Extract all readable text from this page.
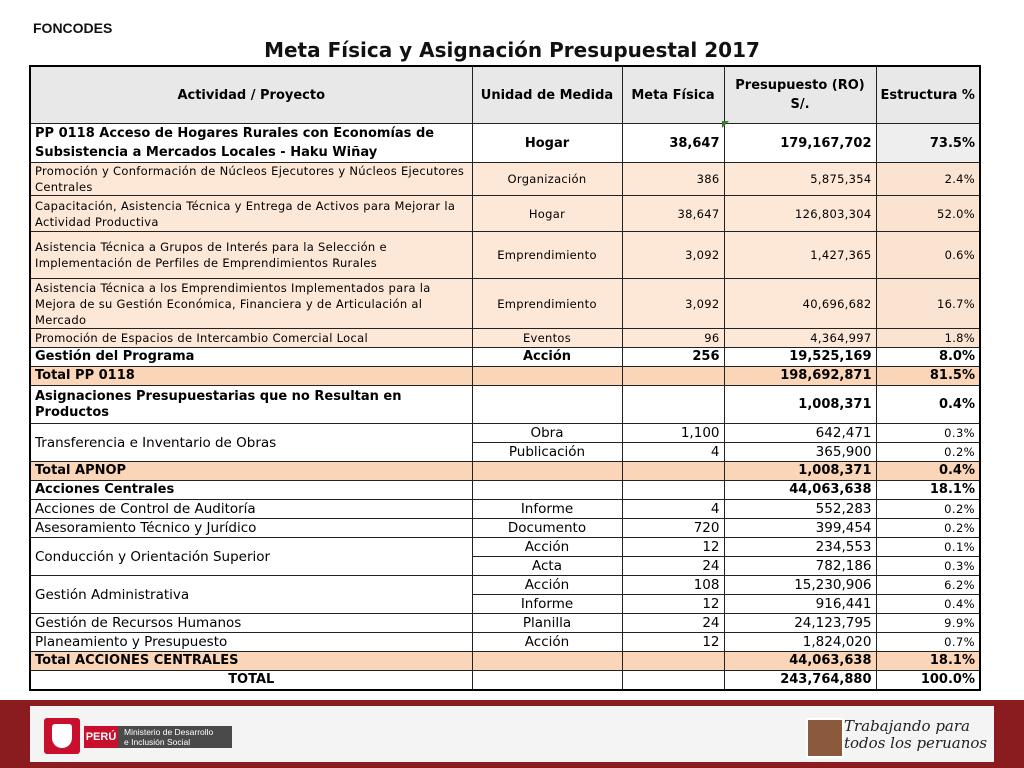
FONCODES
Meta Física y Asignación Presupuestal 2017
Actividad / Proyecto	Unidad de Medida	Meta Física	Presupuesto (RO) S/.	Estructura %
PP 0118 Acceso de Hogares Rurales con Economías de Subsistencia a Mercados Locales - Haku Wiñay	Hogar	38,647	179,167,702	73.5%
Promoción y Conformación de Núcleos Ejecutores y Núcleos Ejecutores Centrales	Organización	386	5,875,354	2.4%
Capacitación, Asistencia Técnica y Entrega de Activos para Mejorar la Actividad Productiva	Hogar	38,647	126,803,304	52.0%
Asistencia Técnica a Grupos de Interés para la Selección e Implementación de Perfiles de Emprendimientos Rurales	Emprendimiento	3,092	1,427,365	0.6%
Asistencia Técnica a los Emprendimientos Implementados para la Mejora de su Gestión Económica, Financiera y de Articulación al Mercado	Emprendimiento	3,092	40,696,682	16.7%
Promoción de Espacios de Intercambio Comercial Local	Eventos	96	4,364,997	1.8%
Gestión del Programa	Acción	256	19,525,169	8.0%
Total PP 0118			198,692,871	81.5%
Asignaciones Presupuestarias que no Resultan en Productos			1,008,371	0.4%
Transferencia e Inventario de Obras	Obra	1,100	642,471	0.3%
	Publicación	4	365,900	0.2%
Total APNOP			1,008,371	0.4%
Acciones Centrales			44,063,638	18.1%
Acciones de Control de Auditoría	Informe	4	552,283	0.2%
Asesoramiento Técnico y Jurídico	Documento	720	399,454	0.2%
Conducción y Orientación Superior	Acción	12	234,553	0.1%
	Acta	24	782,186	0.3%
Gestión Administrativa	Acción	108	15,230,906	6.2%
	Informe	12	916,441	0.4%
Gestión de Recursos Humanos	Planilla	24	24,123,795	9.9%
Planeamiento y Presupuesto	Acción	12	1,824,020	0.7%
Total ACCIONES CENTRALES			44,063,638	18.1%
TOTAL			243,764,880	100.0%
PERÚ Ministerio de Desarrollo
e Inclusión Social
Trabajando para
todos los peruanos
